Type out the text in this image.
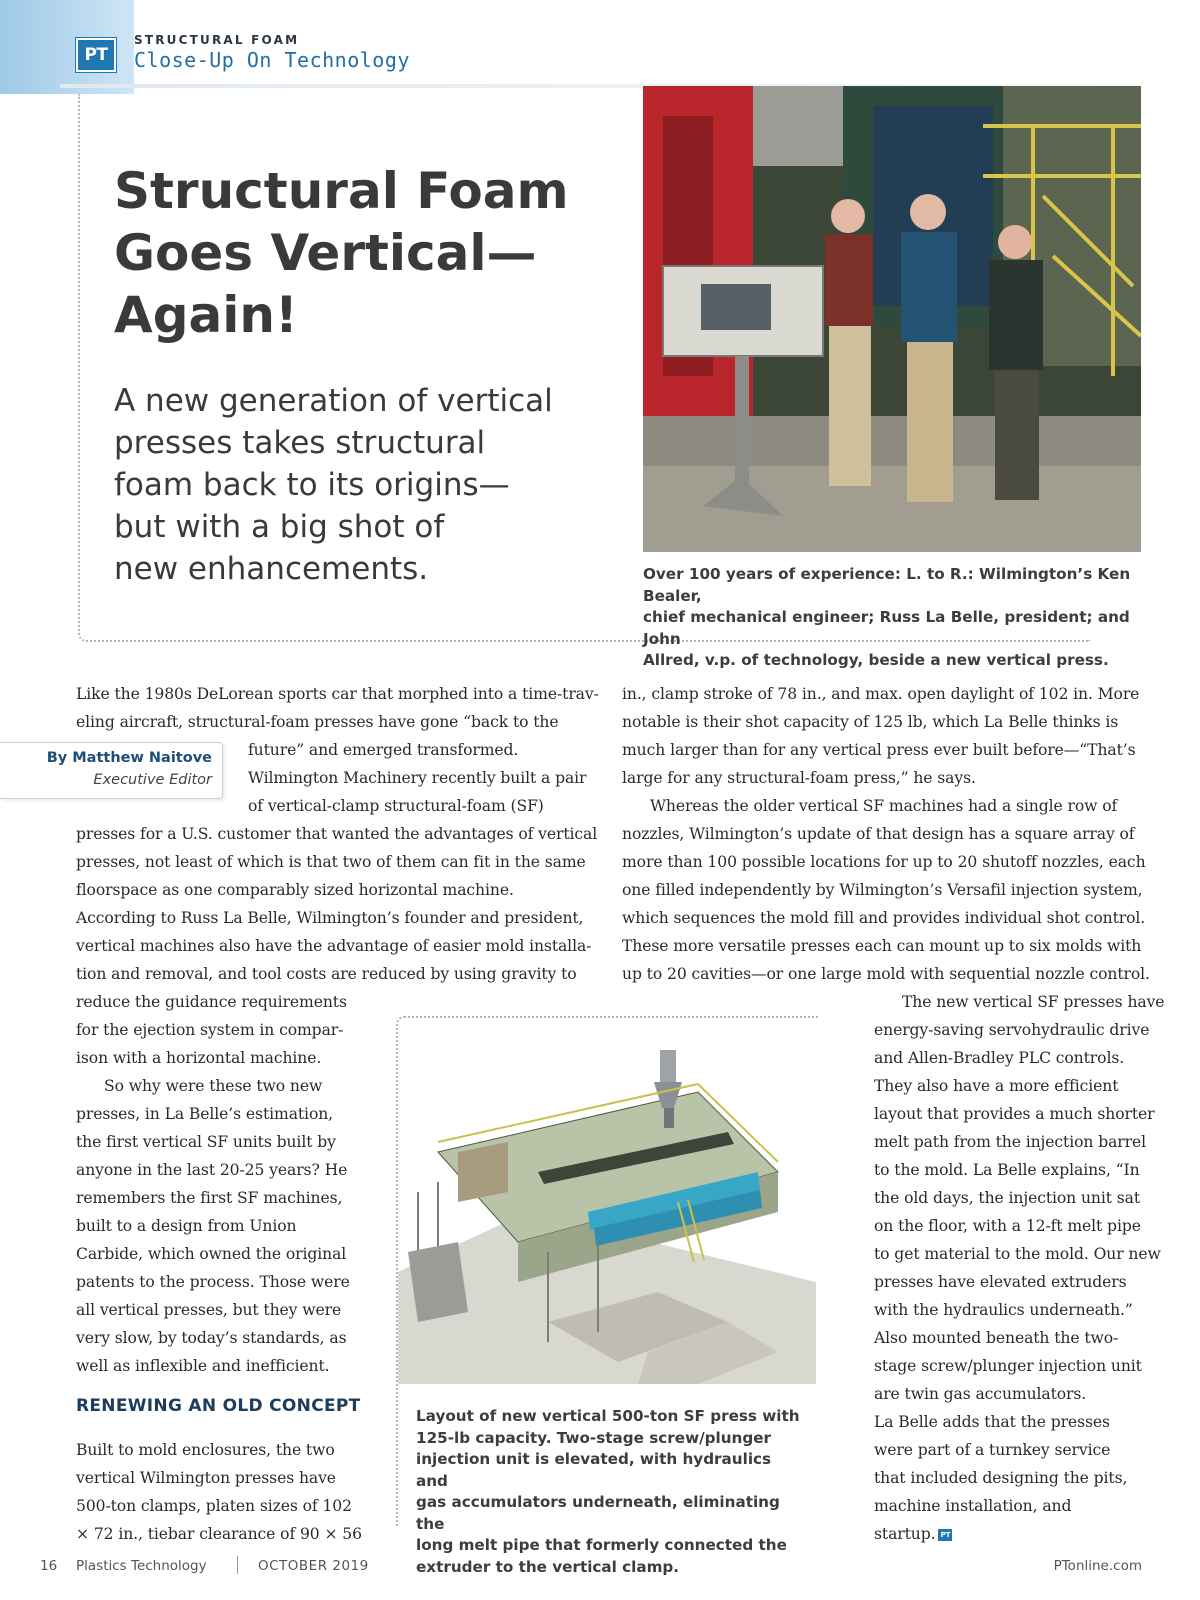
PT
STRUCTURAL FOAM
Close-Up On Technology
Structural Foam
Goes Vertical—
Again!
A new generation of vertical
presses takes structural
foam back to its origins—
but with a big shot of
new enhancements.	Over 100 years of experience: L. to R.: Wilmington’s Ken Bealer,
chief mechanical engineer; Russ La Belle, president; and John
Allred, v.p. of technology, beside a new vertical press.
By Matthew Naitove
Executive Editor
Like the 1980s DeLorean sports car that morphed into a time-trav-
eling aircraft, structural-foam presses have gone “back to the
future” and emerged transformed.
Wilmington Machinery recently built a pair
of vertical-clamp structural-foam (SF)
presses for a U.S. customer that wanted the advantages of vertical
presses, not least of which is that two of them can fit in the same
floorspace as one comparably sized horizontal machine.
According to Russ La Belle, Wilmington’s founder and president,
vertical machines also have the advantage of easier mold installa-
tion and removal, and tool costs are reduced by using gravity to
reduce the guidance requirements
for the ejection system in compar-
ison with a horizontal machine.
So why were these two new
presses, in La Belle’s estimation,
the first vertical SF units built by
anyone in the last 20-25 years? He
remembers the first SF machines,
built to a design from Union
Carbide, which owned the original
patents to the process. Those were
all vertical presses, but they were
very slow, by today’s standards, as
well as inflexible and inefficient.
RENEWING AN OLD CONCEPT
Built to mold enclosures, the two
vertical Wilmington presses have
500-ton clamps, platen sizes of 102
× 72 in., tiebar clearance of 90 × 56
in., clamp stroke of 78 in., and max. open daylight of 102 in. More
notable is their shot capacity of 125 lb, which La Belle thinks is
much larger than for any vertical press ever built before—“That’s
large for any structural-foam press,” he says.
Whereas the older vertical SF machines had a single row of
nozzles, Wilmington’s update of that design has a square array of
more than 100 possible locations for up to 20 shutoff nozzles, each
one filled independently by Wilmington’s Versafil injection system,
which sequences the mold fill and provides individual shot control.
These more versatile presses each can mount up to six molds with
up to 20 cavities—or one large mold with sequential nozzle control.
The new vertical SF presses have
energy-saving servohydraulic drive
and Allen-Bradley PLC controls.
They also have a more efficient
layout that provides a much shorter
melt path from the injection barrel
to the mold. La Belle explains, “In
the old days, the injection unit sat
on the floor, with a 12-ft melt pipe
to get material to the mold. Our new
presses have elevated extruders
with the hydraulics underneath.”
Also mounted beneath the two-
stage screw/plunger injection unit
are twin gas accumulators.
La Belle adds that the presses
were part of a turnkey service
that included designing the pits,
machine installation, and
startup. PT
Layout of new vertical 500-ton SF press with
125-lb capacity. Two-stage screw/plunger
injection unit is elevated, with hydraulics and
gas accumulators underneath, eliminating the
long melt pipe that formerly connected the
extruder to the vertical clamp.
16 Plastics Technology	OCTOBER 2019	PTonline.com
